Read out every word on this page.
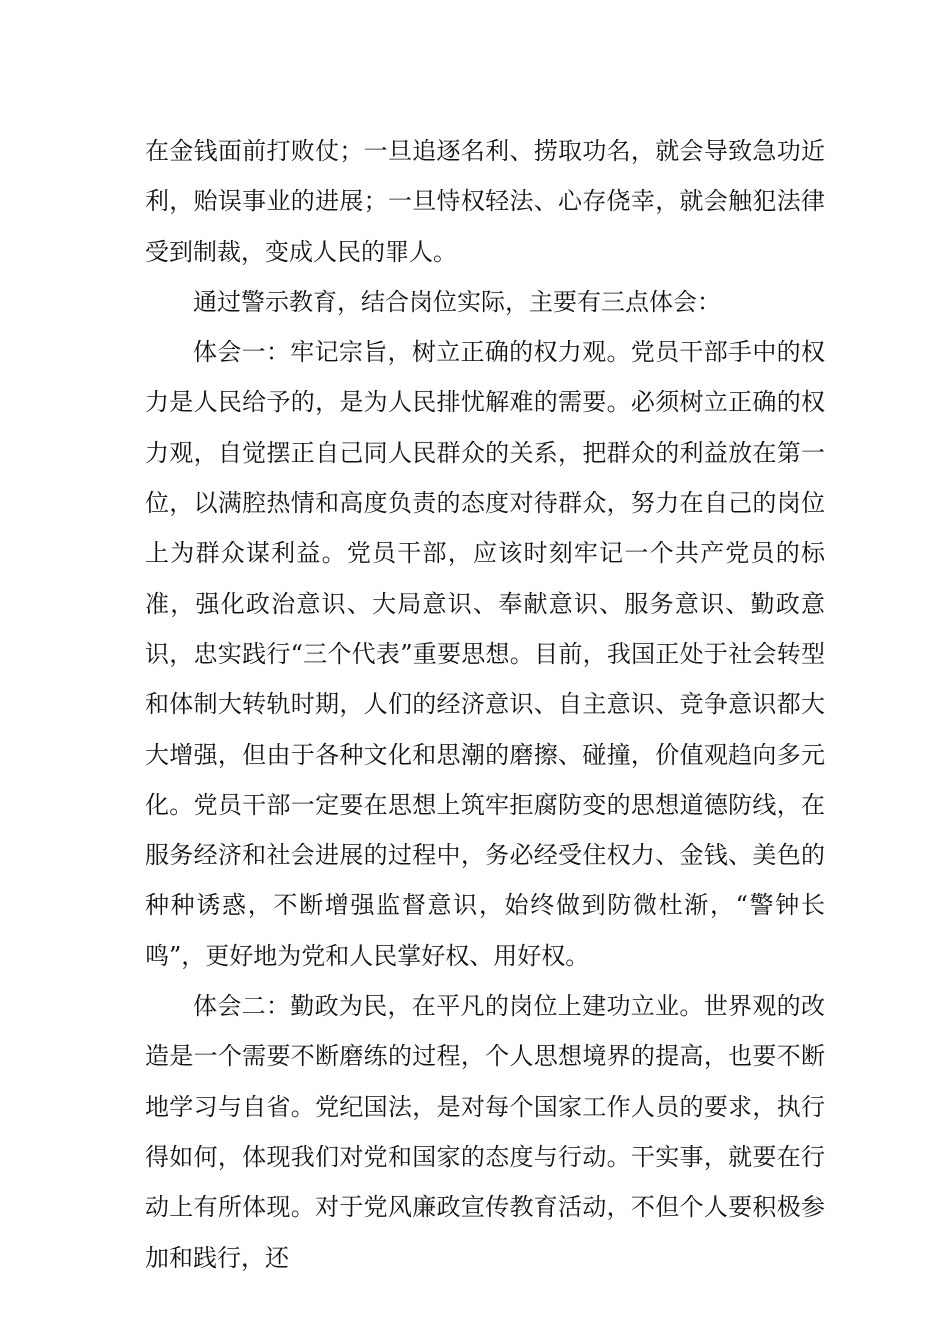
在金钱面前打败仗；一旦追逐名利、捞取功名，就会导致急功近利，贻误事业的进展；一旦恃权轻法、心存侥幸，就会触犯法律受到制裁，变成人民的罪人。

通过警示教育，结合岗位实际，主要有三点体会：

体会一：牢记宗旨，树立正确的权力观。党员干部手中的权力是人民给予的，是为人民排忧解难的需要。必须树立正确的权力观，自觉摆正自己同人民群众的关系，把群众的利益放在第一位，以满腔热情和高度负责的态度对待群众，努力在自己的岗位上为群众谋利益。党员干部，应该时刻牢记一个共产党员的标准，强化政治意识、大局意识、奉献意识、服务意识、勤政意识，忠实践行“三个代表”重要思想。目前，我国正处于社会转型和体制大转轨时期，人们的经济意识、自主意识、竞争意识都大大增强，但由于各种文化和思潮的磨擦、碰撞，价值观趋向多元化。党员干部一定要在思想上筑牢拒腐防变的思想道德防线，在服务经济和社会进展的过程中，务必经受住权力、金钱、美色的种种诱惑，不断增强监督意识，始终做到防微杜渐，“警钟长鸣”，更好地为党和人民掌好权、用好权。

体会二：勤政为民，在平凡的岗位上建功立业。世界观的改造是一个需要不断磨练的过程，个人思想境界的提高，也要不断地学习与自省。党纪国法，是对每个国家工作人员的要求，执行得如何，体现我们对党和国家的态度与行动。干实事，就要在行动上有所体现。对于党风廉政宣传教育活动，不但个人要积极参加和践行，还
